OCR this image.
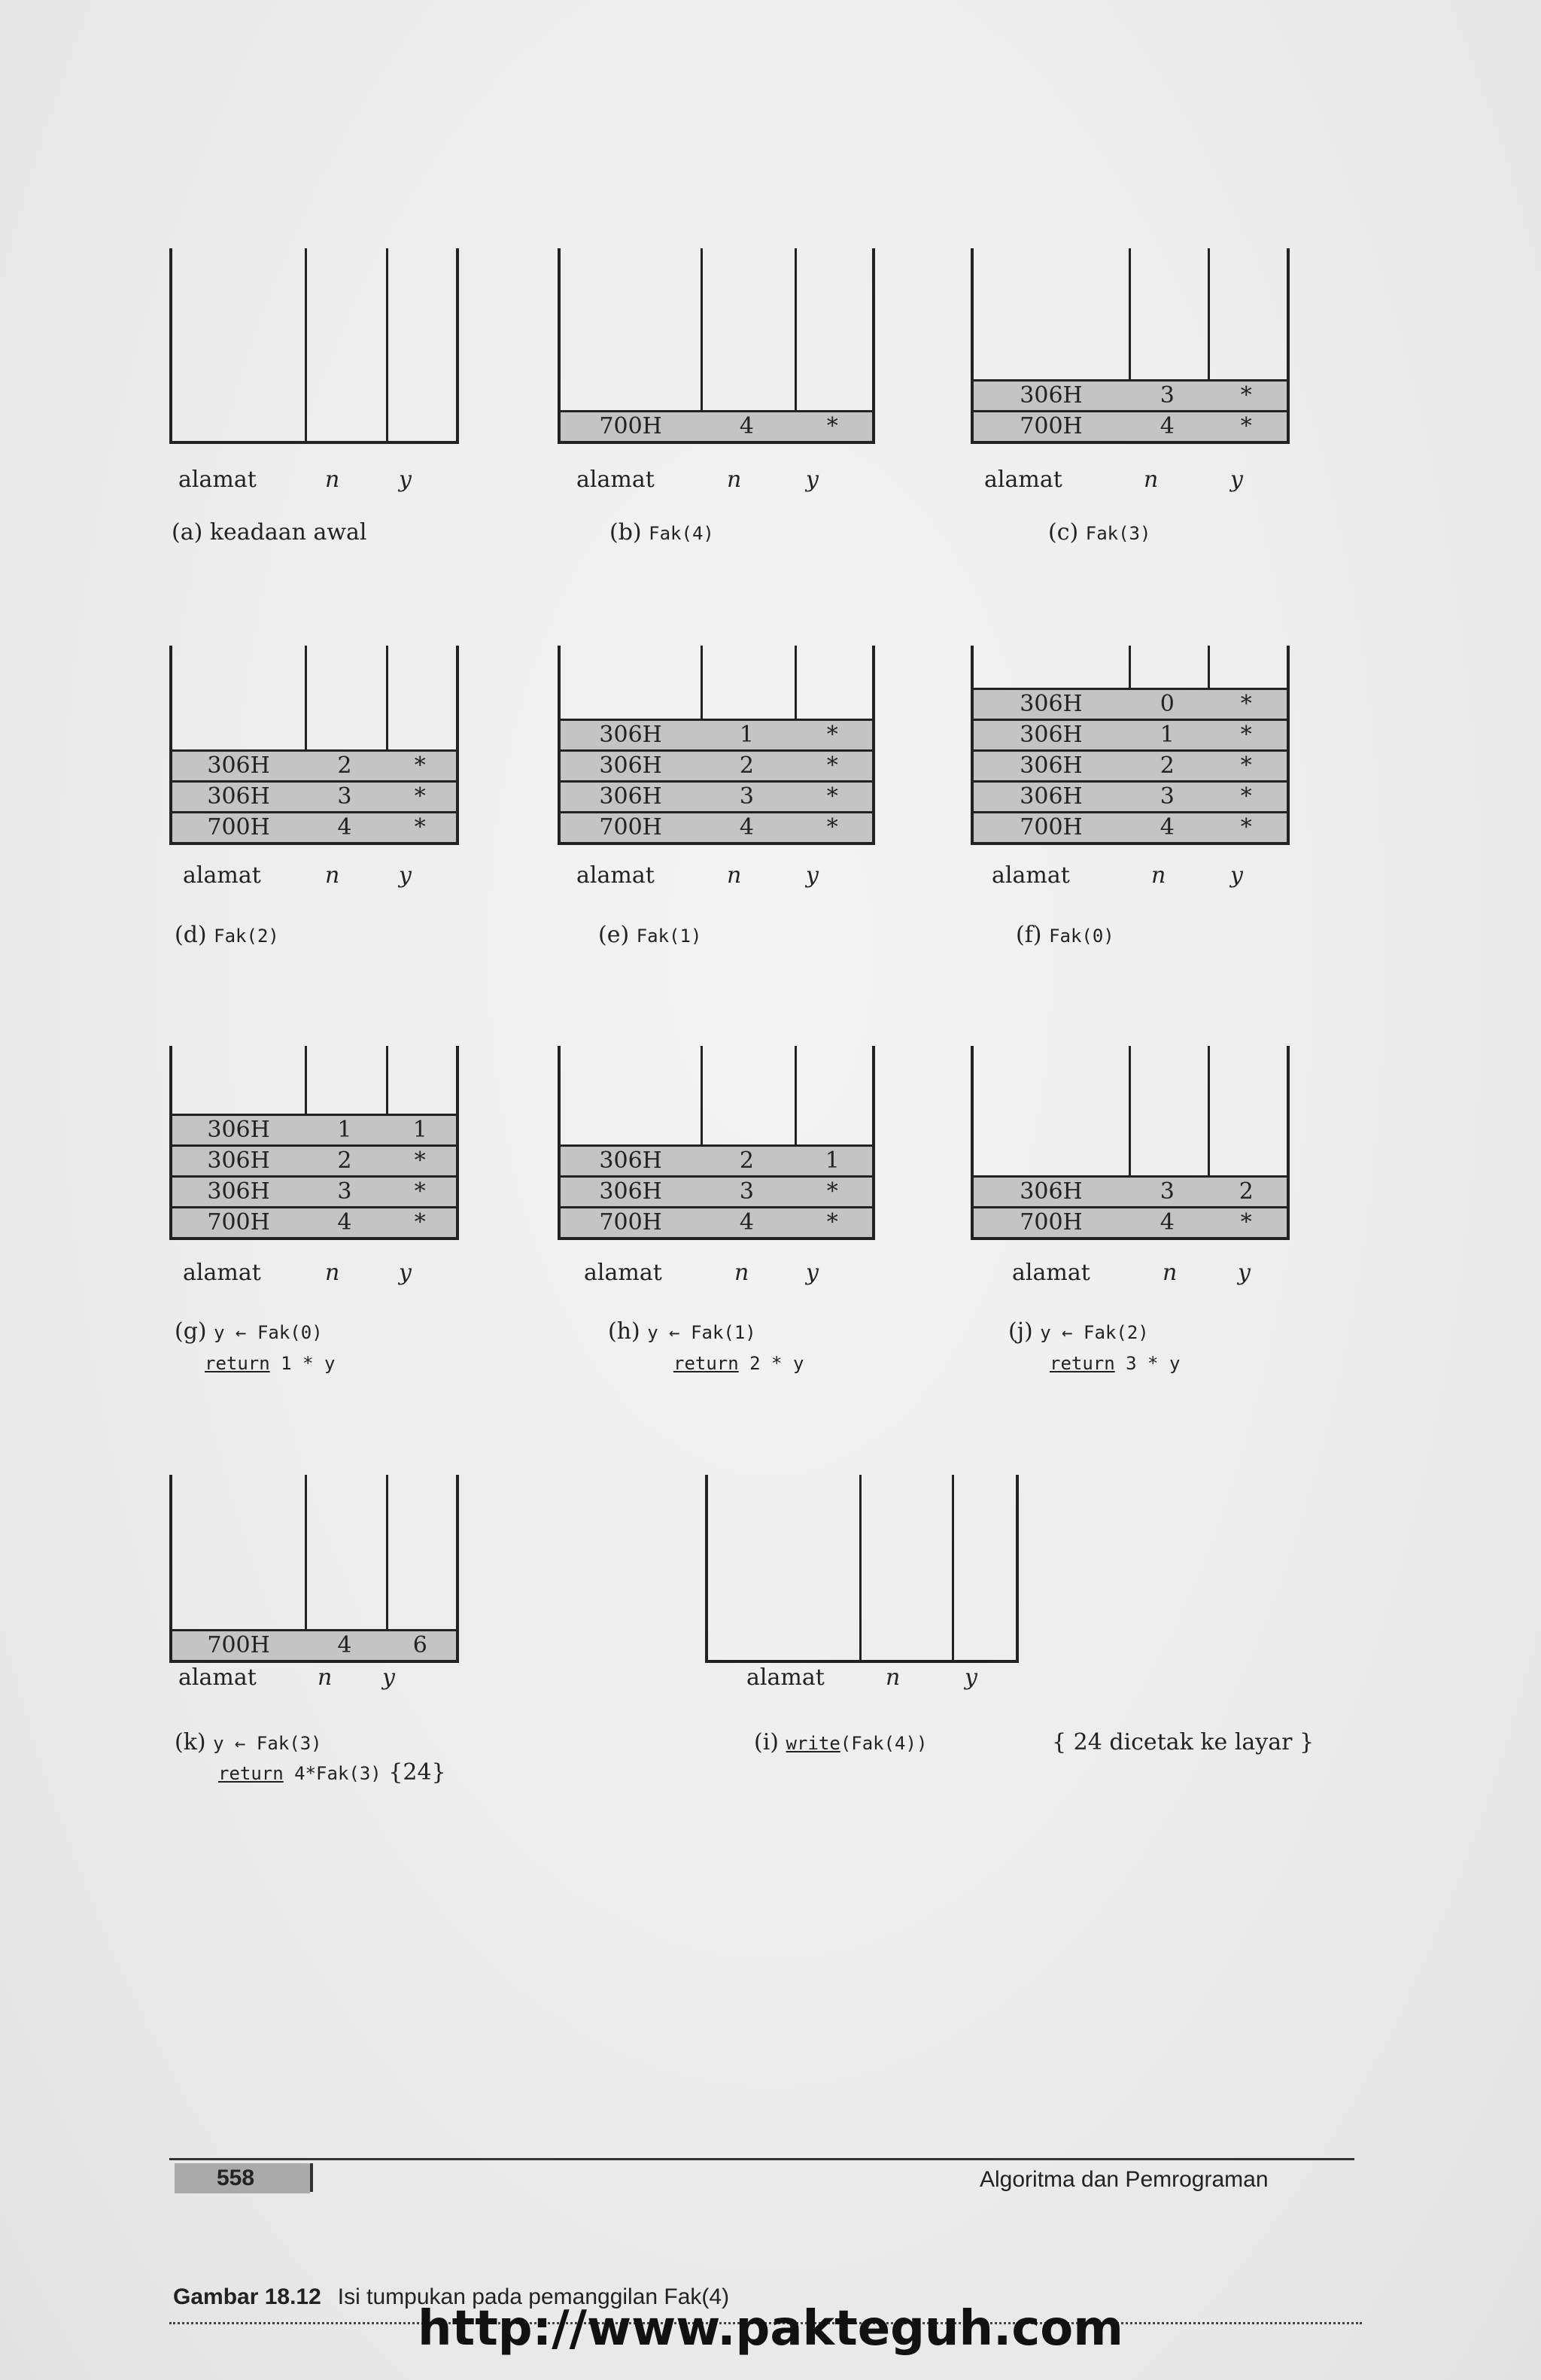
alamat	n	y
(a) keadaan awal
700H	4	*
alamat	n	y
(b) Fak(4)
306H	3	*
700H	4	*
alamat	n	y
(c) Fak(3)
306H	2	*
306H	3	*
700H	4	*
alamat	n	y
(d) Fak(2)
306H	1	*
306H	2	*
306H	3	*
700H	4	*
alamat	n	y
(e) Fak(1)
306H	0	*
306H	1	*
306H	2	*
306H	3	*
700H	4	*
alamat	n	y
(f) Fak(0)
306H	1	1
306H	2	*
306H	3	*
700H	4	*
alamat	n	y
(g) y ← Fak(0)
return 1 * y
306H	2	1
306H	3	*
700H	4	*
alamat	n	y
(h) y ← Fak(1)
return 2 * y
306H	3	2
700H	4	*
alamat	n	y
(j) y ← Fak(2)
return 3 * y
700H	4	6
alamat	n y
(k) y ← Fak(3)
return 4*Fak(3) {24}
alamat	n	y
(i) write(Fak(4))	{ 24 dicetak ke layar }
Gambar 18.12 Isi tumpukan pada pemanggilan Fak(4)
558	Algoritma dan Pemrograman
http://www.pakteguh.com
